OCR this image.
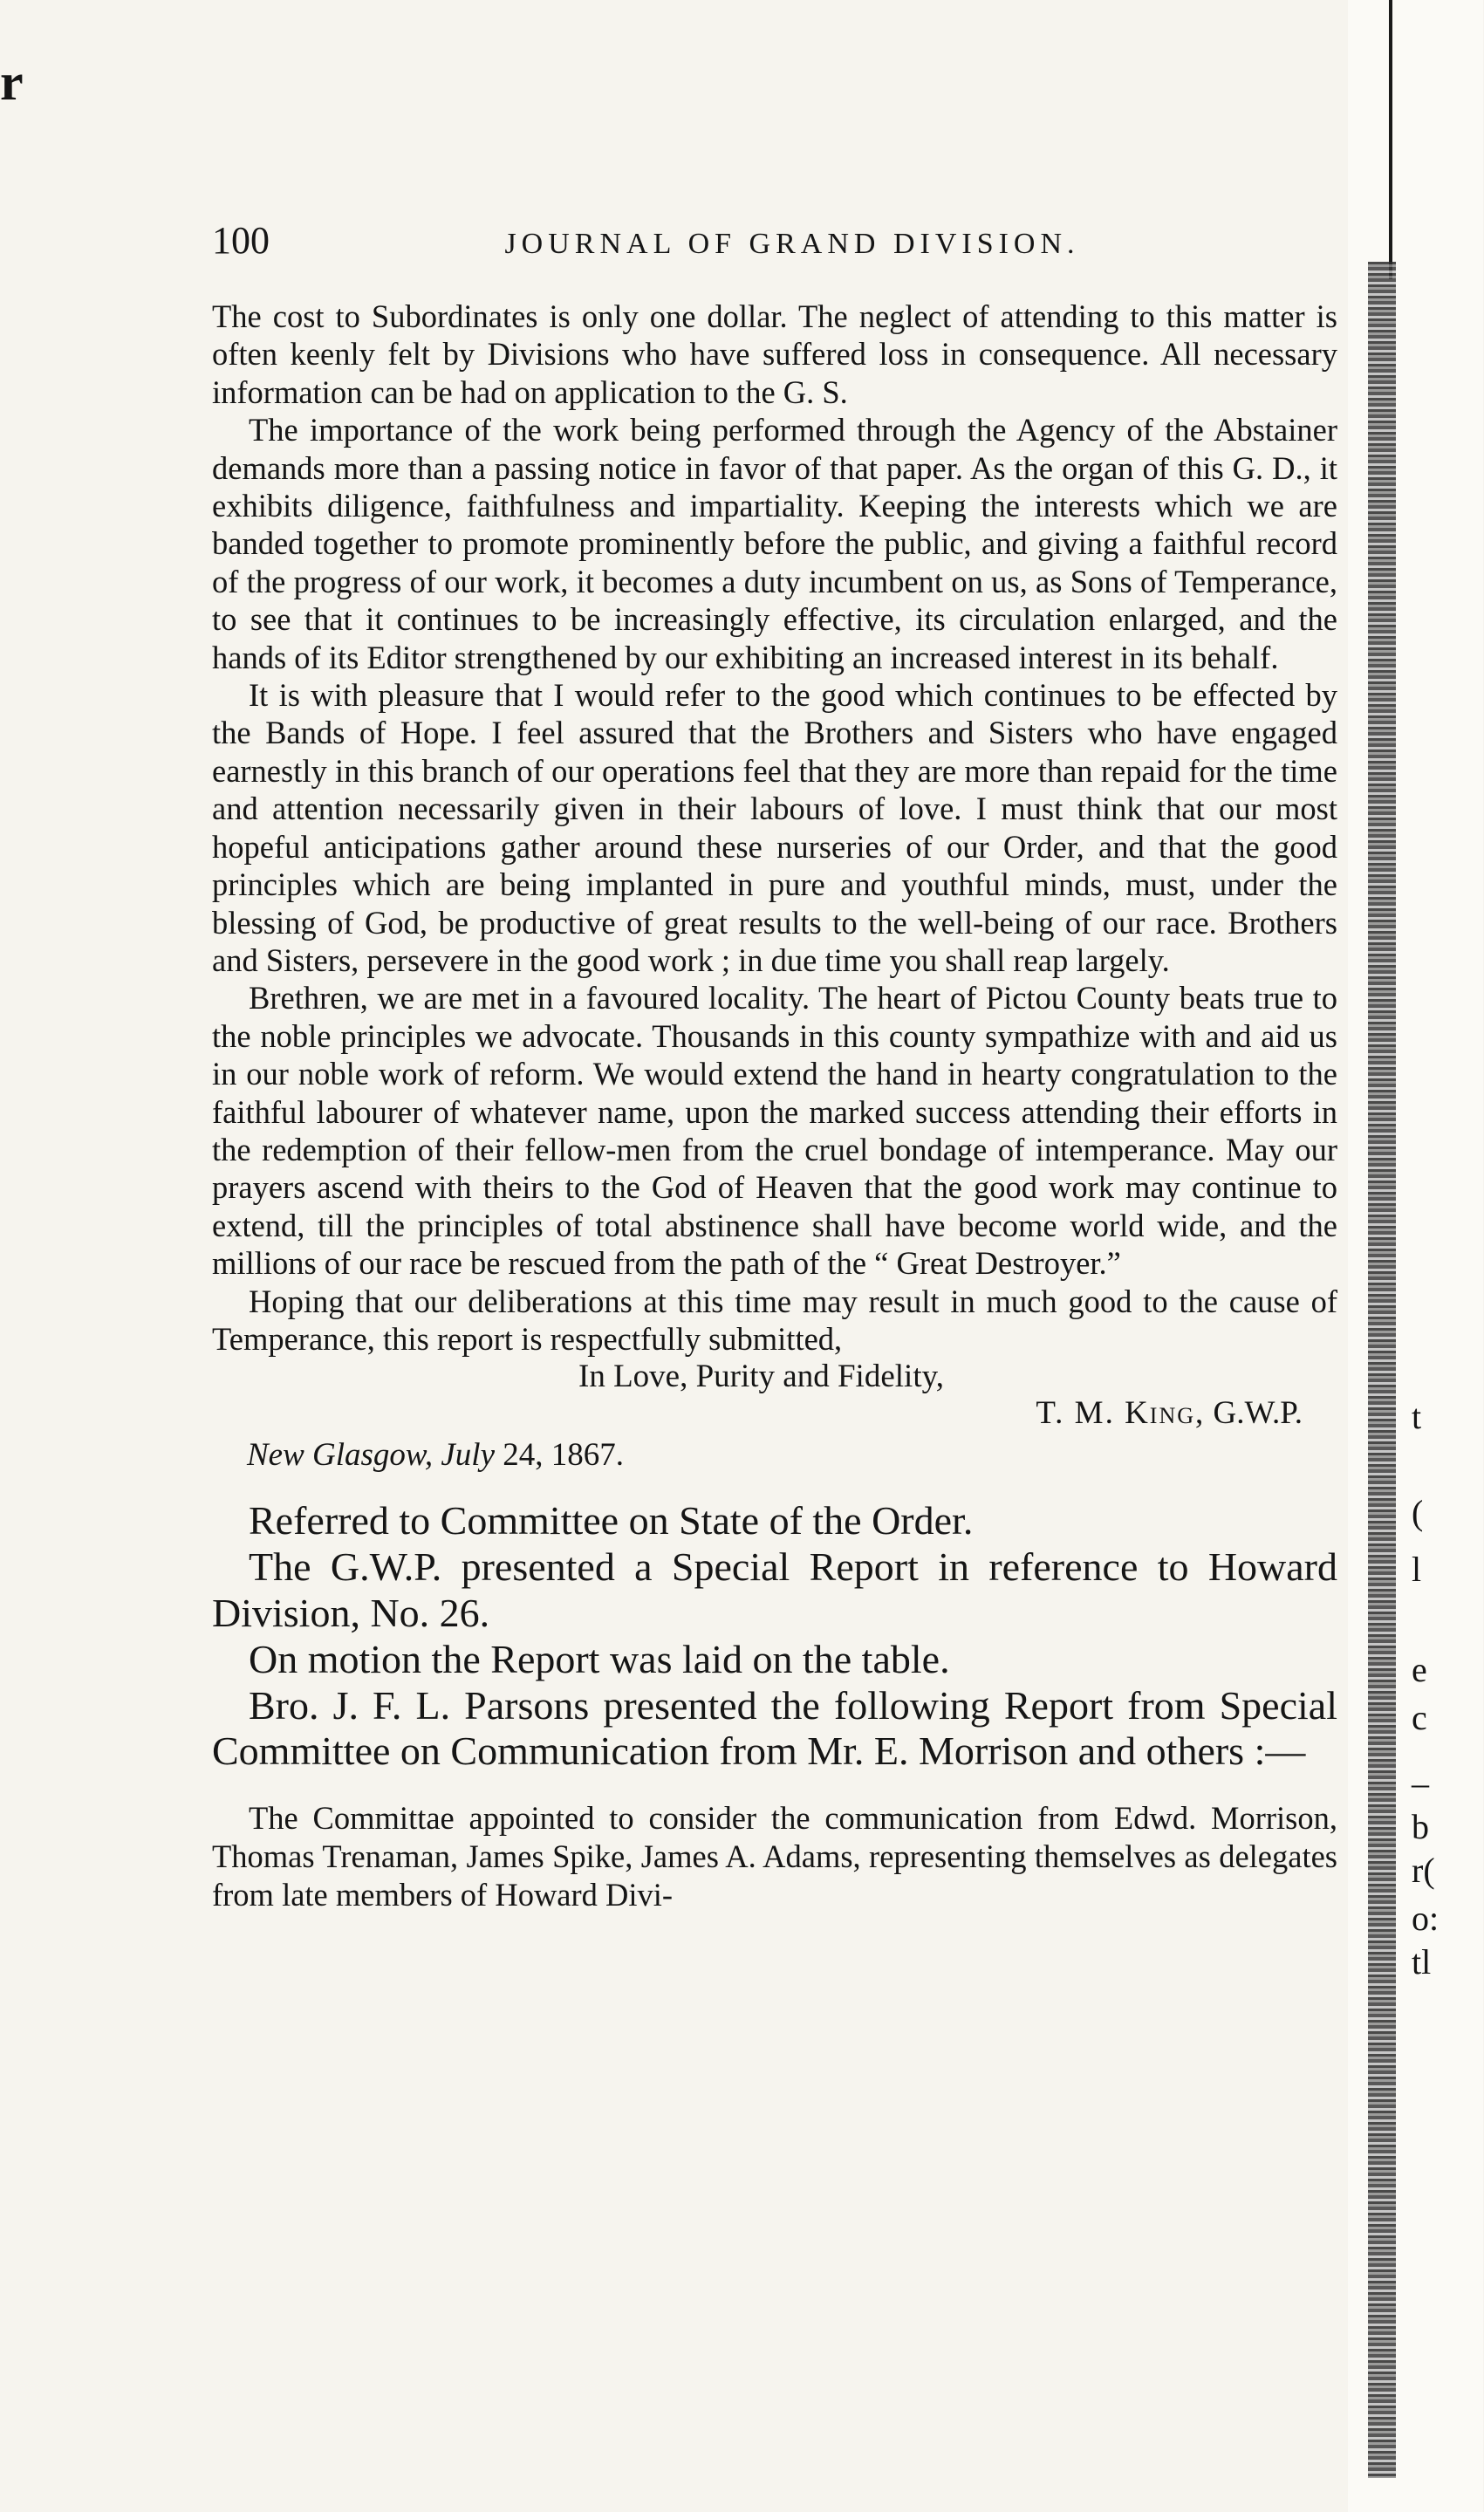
r
t
(
l
e
c
–
b
r(
o:
tl
100	JOURNAL OF GRAND DIVISION.

The cost to Subordinates is only one dollar. The neglect of attending to this matter is often keenly felt by Divisions who have suffered loss in consequence. All necessary information can be had on application to the G. S.

The importance of the work being performed through the Agency of the Abstainer demands more than a passing notice in favor of that paper. As the organ of this G. D., it exhibits diligence, faithfulness and impartiality. Keeping the interests which we are banded together to promote prominently before the public, and giving a faithful record of the progress of our work, it becomes a duty incumbent on us, as Sons of Temperance, to see that it continues to be increasingly effective, its circulation enlarged, and the hands of its Editor strengthened by our exhibiting an increased interest in its behalf.

It is with pleasure that I would refer to the good which continues to be effected by the Bands of Hope. I feel assured that the Brothers and Sisters who have engaged earnestly in this branch of our operations feel that they are more than repaid for the time and attention necessarily given in their labours of love. I must think that our most hopeful anticipations gather around these nurseries of our Order, and that the good principles which are being implanted in pure and youthful minds, must, under the blessing of God, be productive of great results to the well-being of our race. Brothers and Sisters, persevere in the good work ; in due time you shall reap largely.

Brethren, we are met in a favoured locality. The heart of Pictou County beats true to the noble principles we advocate. Thousands in this county sympathize with and aid us in our noble work of reform. We would extend the hand in hearty congratulation to the faithful labourer of whatever name, upon the marked success attending their efforts in the redemption of their fellow-men from the cruel bondage of intemperance. May our prayers ascend with theirs to the God of Heaven that the good work may continue to extend, till the principles of total abstinence shall have become world wide, and the millions of our race be rescued from the path of the “ Great Destroyer.”

Hoping that our deliberations at this time may result in much good to the cause of Temperance, this report is respectfully submitted,

In Love, Purity and Fidelity,
T. M. King, G.W.P.
New Glasgow, July 24, 1867.

Referred to Committee on State of the Order.

The G.W.P. presented a Special Report in reference to Howard Division, No. 26.

On motion the Report was laid on the table.

Bro. J. F. L. Parsons presented the following Report from Special Committee on Communication from Mr. E. Morrison and others :—

The Committae appointed to consider the communication from Edwd. Morrison, Thomas Trenaman, James Spike, James A. Adams, representing themselves as delegates from late members of Howard Divi-
